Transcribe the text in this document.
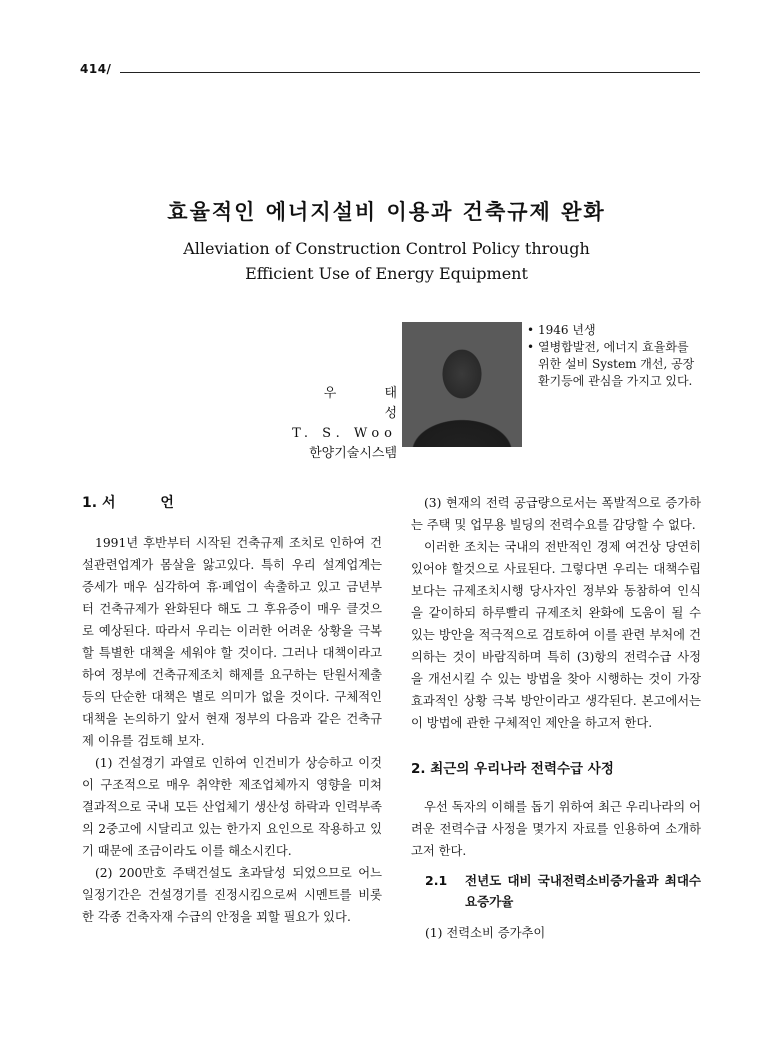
414/
효율적인 에너지설비 이용과 건축규제 완화
Alleviation of Construction Control Policy through
Efficient Use of Energy Equipment
우 태 성
T. S. Woo
한양기술시스템
• 1946 년생
• 열병합발전, 에너지 효율화를 위한 설비 System 개선, 공장환기등에 관심을 가지고 있다.
1. 서 언

1991년 후반부터 시작된 건축규제 조치로 인하여 건설관련업계가 몸살을 앓고있다. 특히 우리 설계업계는 증세가 매우 심각하여 휴·폐업이 속출하고 있고 금년부터 건축규제가 완화된다 해도 그 후유증이 매우 클것으로 예상된다. 따라서 우리는 이러한 어려운 상황을 극복할 특별한 대책을 세워야 할 것이다. 그러나 대책이라고 하여 정부에 건축규제조치 해제를 요구하는 탄원서제출 등의 단순한 대책은 별로 의미가 없을 것이다. 구체적인 대책을 논의하기 앞서 현재 정부의 다음과 같은 건축규제 이유를 검토해 보자.

(1) 건설경기 과열로 인하여 인건비가 상승하고 이것이 구조적으로 매우 취약한 제조업체까지 영향을 미쳐 결과적으로 국내 모든 산업체기 생산성 하락과 인력부족의 2중고에 시달리고 있는 한가지 요인으로 작용하고 있기 때문에 조금이라도 이를 해소시킨다.

(2) 200만호 주택건설도 초과달성 되었으므로 어느 일정기간은 건설경기를 진정시킴으로써 시멘트를 비롯한 각종 건축자재 수급의 안정을 꾀할 필요가 있다.

(3) 현재의 전력 공급량으로서는 폭발적으로 증가하는 주택 및 업무용 빌딩의 전력수요를 감당할 수 없다.

이러한 조치는 국내의 전반적인 경제 여건상 당연히 있어야 할것으로 사료된다. 그렇다면 우리는 대책수립 보다는 규제조치시행 당사자인 정부와 동참하여 인식을 같이하되 하루빨리 규제조치 완화에 도움이 될 수 있는 방안을 적극적으로 검토하여 이를 관련 부처에 건의하는 것이 바람직하며 특히 (3)항의 전력수급 사정을 개선시킬 수 있는 방법을 찾아 시행하는 것이 가장 효과적인 상황 극복 방안이라고 생각된다. 본고에서는 이 방법에 관한 구체적인 제안을 하고저 한다.

2. 최근의 우리나라 전력수급 사정

우선 독자의 이해를 돕기 위하여 최근 우리나라의 어려운 전력수급 사정을 몇가지 자료를 인용하여 소개하고저 한다.

2.1	전년도 대비 국내전력소비증가율과 최대수요증가율
(1) 전력소비 증가추이
